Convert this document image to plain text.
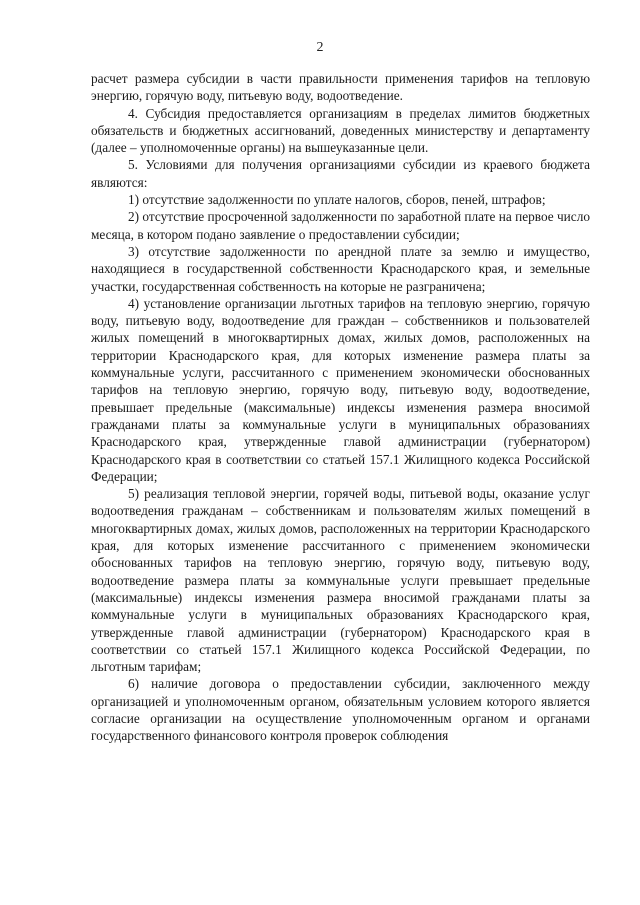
2

расчет размера субсидии в части правильности применения тарифов на тепловую энергию, горячую воду, питьевую воду, водоотведение.

4. Субсидия предоставляется организациям в пределах лимитов бюджетных обязательств и бюджетных ассигнований, доведенных министерству и департаменту (далее – уполномоченные органы) на вышеуказанные цели.

5. Условиями для получения организациями субсидии из краевого бюджета являются:

1) отсутствие задолженности по уплате налогов, сборов, пеней, штрафов;

2) отсутствие просроченной задолженности по заработной плате на первое число месяца, в котором подано заявление о предоставлении субсидии;

3) отсутствие задолженности по арендной плате за землю и имущество, находящиеся в государственной собственности Краснодарского края, и земельные участки, государственная собственность на которые не разграничена;

4) установление организации льготных тарифов на тепловую энергию, горячую воду, питьевую воду, водоотведение для граждан – собственников и пользователей жилых помещений в многоквартирных домах, жилых домов, расположенных на территории Краснодарского края, для которых изменение размера платы за коммунальные услуги, рассчитанного с применением экономически обоснованных тарифов на тепловую энергию, горячую воду, питьевую воду, водоотведение, превышает предельные (максимальные) индексы изменения размера вносимой гражданами платы за коммунальные услуги в муниципальных образованиях Краснодарского края, утвержденные главой администрации (губернатором) Краснодарского края в соответствии со статьей 157.1 Жилищного кодекса Российской Федерации;

5) реализация тепловой энергии, горячей воды, питьевой воды, оказание услуг водоотведения гражданам – собственникам и пользователям жилых помещений в многоквартирных домах, жилых домов, расположенных на территории Краснодарского края, для которых изменение рассчитанного с применением экономически обоснованных тарифов на тепловую энергию, горячую воду, питьевую воду, водоотведение размера платы за коммунальные услуги превышает предельные (максимальные) индексы изменения размера вносимой гражданами платы за коммунальные услуги в муниципальных образованиях Краснодарского края, утвержденные главой администрации (губернатором) Краснодарского края в соответствии со статьей 157.1 Жилищного кодекса Российской Федерации, по льготным тарифам;

6) наличие договора о предоставлении субсидии, заключенного между организацией и уполномоченным органом, обязательным условием которого является согласие организации на осуществление уполномоченным органом и органами государственного финансового контроля проверок соблюдения
